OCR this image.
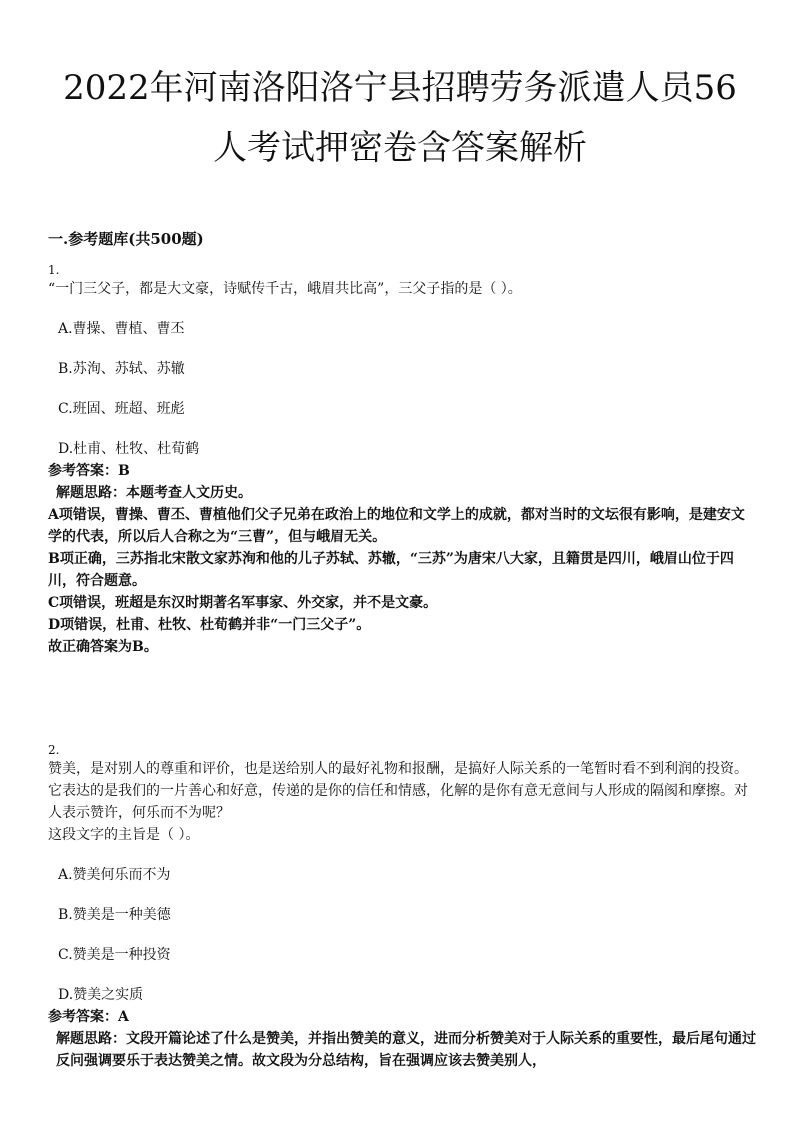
2022年河南洛阳洛宁县招聘劳务派遣人员56
人考试押密卷含答案解析
一.参考题库(共500题)
1.
“一门三父子，都是大文豪，诗赋传千古，峨眉共比高”，三父子指的是（ ）。
A.曹操、曹植、曹丕
B.苏洵、苏轼、苏辙
C.班固、班超、班彪
D.杜甫、杜牧、杜荀鹤
参考答案：B
解题思路：本题考查人文历史。
A项错误，曹操、曹丕、曹植他们父子兄弟在政治上的地位和文学上的成就，都对当时的文坛很有影响，是建安文学的代表，所以后人合称之为“三曹”，但与峨眉无关。
B项正确，三苏指北宋散文家苏洵和他的儿子苏轼、苏辙，“三苏”为唐宋八大家，且籍贯是四川，峨眉山位于四川，符合题意。
C项错误，班超是东汉时期著名军事家、外交家，并不是文豪。
D项错误，杜甫、杜牧、杜荀鹤并非“一门三父子”。
故正确答案为B。
2.
赞美，是对别人的尊重和评价，也是送给别人的最好礼物和报酬，是搞好人际关系的一笔暂时看不到利润的投资。它表达的是我们的一片善心和好意，传递的是你的信任和情感，化解的是你有意无意间与人形成的隔阂和摩擦。对人表示赞许，何乐而不为呢？
这段文字的主旨是（ ）。
A.赞美何乐而不为
B.赞美是一种美德
C.赞美是一种投资
D.赞美之实质
参考答案：A
解题思路：文段开篇论述了什么是赞美，并指出赞美的意义，进而分析赞美对于人际关系的重要性，最后尾句通过反问强调要乐于表达赞美之情。故文段为分总结构，旨在强调应该去赞美别人，
